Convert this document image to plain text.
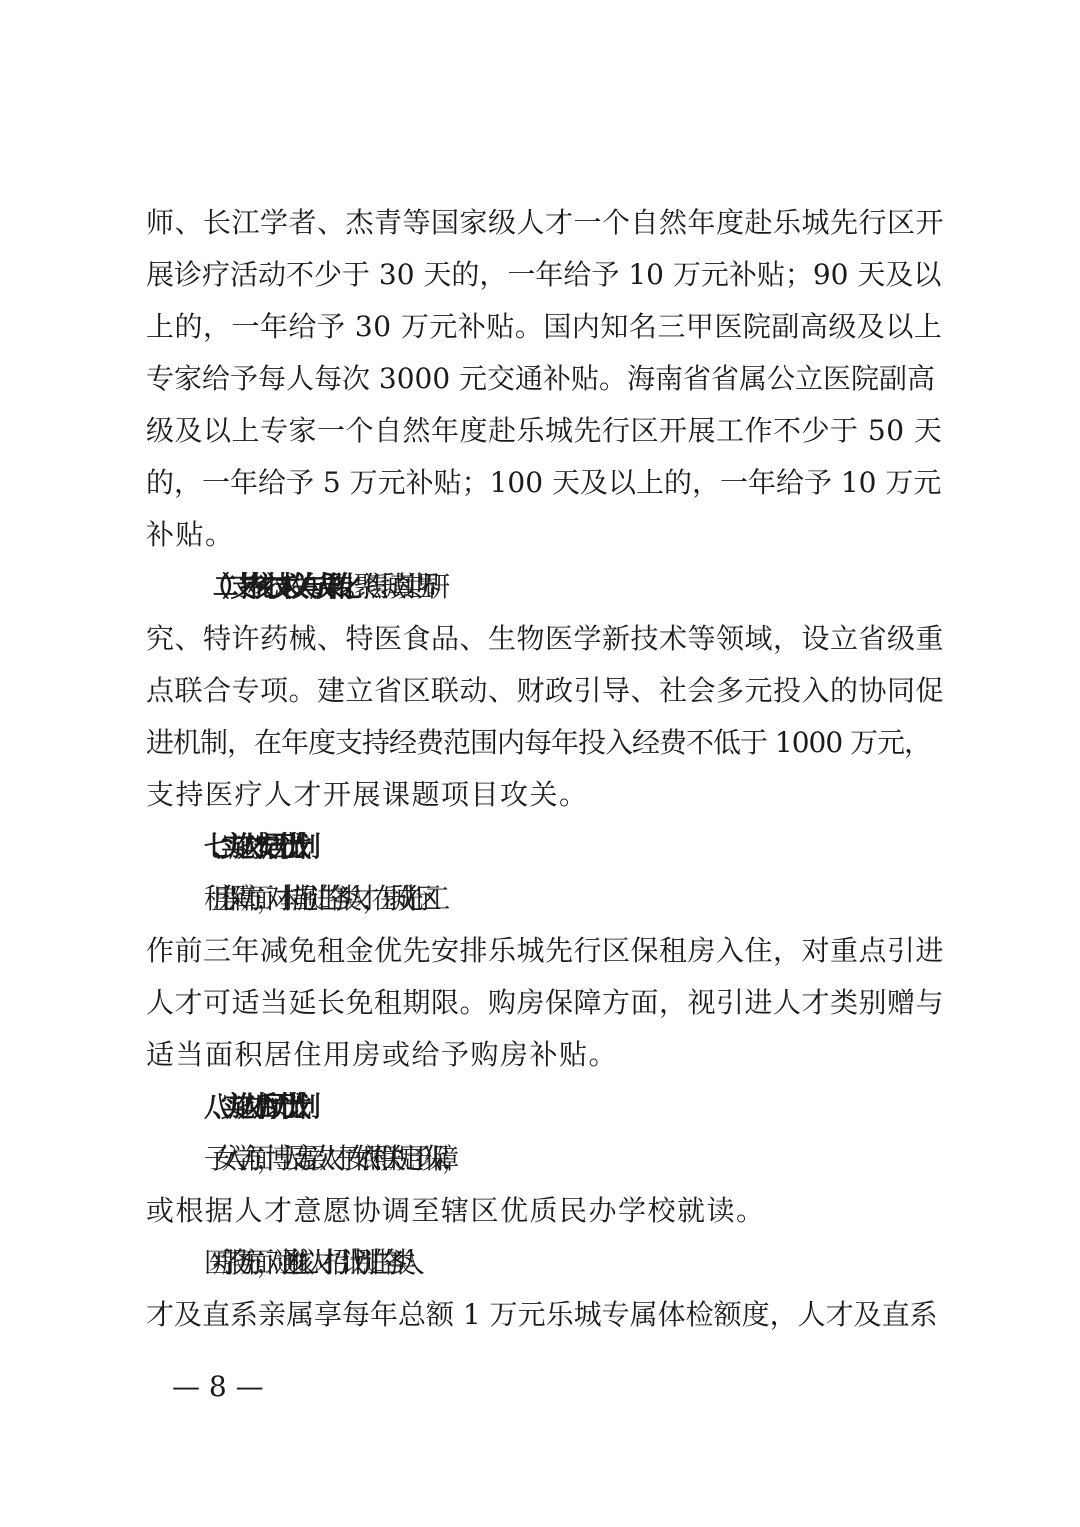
师、长江学者、杰青等国家级人才一个自然年度赴乐城先行区开
展诊疗活动不少于 30 天的，一年给予 10 万元补贴；90 天及以
上的，一年给予 30 万元补贴。国内知名三甲医院副高级及以上
专家给予每人每次 3000 元交通补贴。海南省省属公立医院副高
级及以上专家一个自然年度赴乐城先行区开展工作不少于 50 天
的，一年给予 5 万元补贴；100 天及以上的，一年给予 10 万元
补贴。
（二）支持核心技术攻关与成果转化。聚焦乐城真实世界研
究、特许药械、特医食品、生物医学新技术等领域，设立省级重
点联合专项。建立省区联动、财政引导、社会多元投入的协同促
进机制，在年度支持经费范围内每年投入经费不低于 1000 万元，
支持医疗人才开展课题项目攻关。
七、实施人才“安居无忧”计划
租房保障方面，对本措施引进的各类人才，在乐城先行区工
作前三年减免租金优先安排乐城先行区保租房入住，对重点引进
人才可适当延长免租期限。购房保障方面，视引进人才类别赠与
适当面积居住用房或给予购房补贴。
八、实施人才“后顾无忧”计划
子女入学方面，博士及高层次人才子女依照相关规定予以保障，
或根据人才意愿协调至辖区优质民办学校就读。
医疗服务方面，对通过“核心人才招引计划”引进的各类人
才及直系亲属享每年总额 1 万元乐城专属体检额度，人才及直系
— 8 —
